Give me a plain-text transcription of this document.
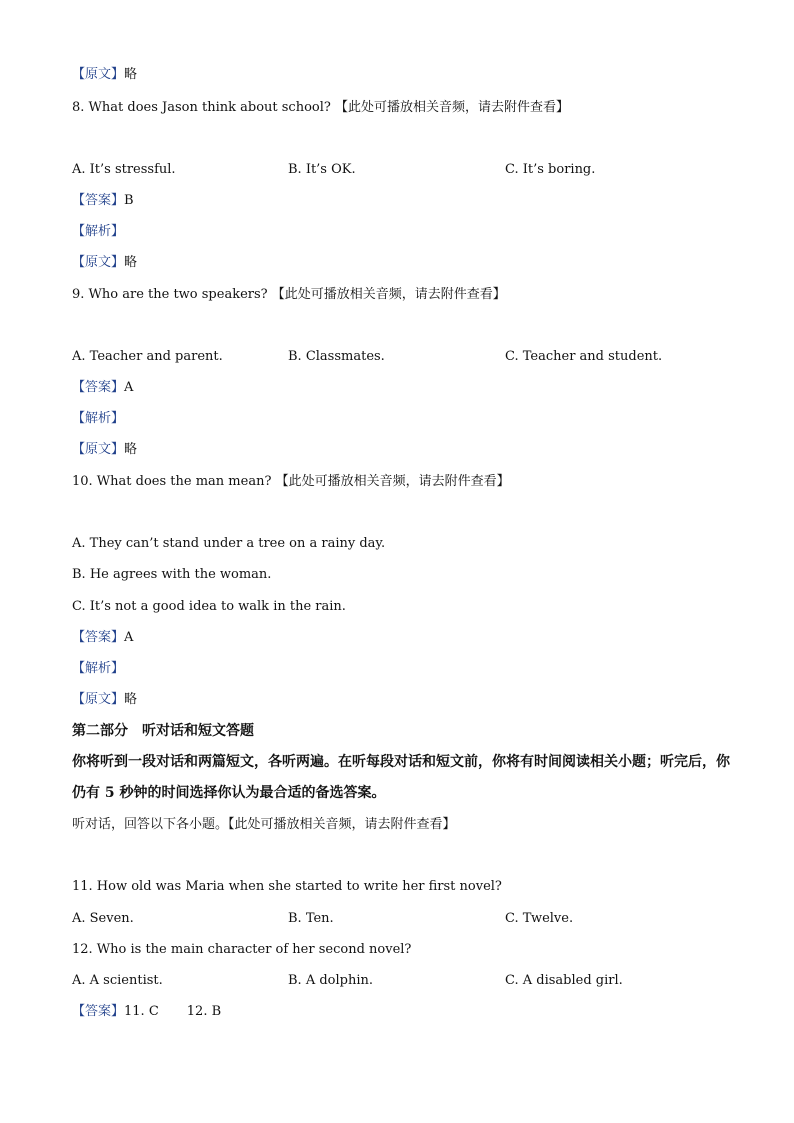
【原文】略
8. What does Jason think about school? 【此处可播放相关音频，请去附件查看】
A. It’s stressful.	B. It’s OK.	C. It’s boring.
【答案】B
【解析】
【原文】略
9. Who are the two speakers? 【此处可播放相关音频，请去附件查看】
A. Teacher and parent.	B. Classmates.	C. Teacher and student.
【答案】A
【解析】
【原文】略
10. What does the man mean? 【此处可播放相关音频，请去附件查看】
A. They can’t stand under a tree on a rainy day.
B. He agrees with the woman.
C. It’s not a good idea to walk in the rain.
【答案】A
【解析】
【原文】略
第二部分　听对话和短文答题
你将听到一段对话和两篇短文，各听两遍。在听每段对话和短文前，你将有时间阅读相关小题；听完后，你仍有 5 秒钟的时间选择你认为最合适的备选答案。
听对话，回答以下各小题。【此处可播放相关音频，请去附件查看】
11. How old was Maria when she started to write her first novel?
A. Seven.	B. Ten.	C. Twelve.
12. Who is the main character of her second novel?
A. A scientist.	B. A dolphin.	C. A disabled girl.
【答案】11. C 12. B
